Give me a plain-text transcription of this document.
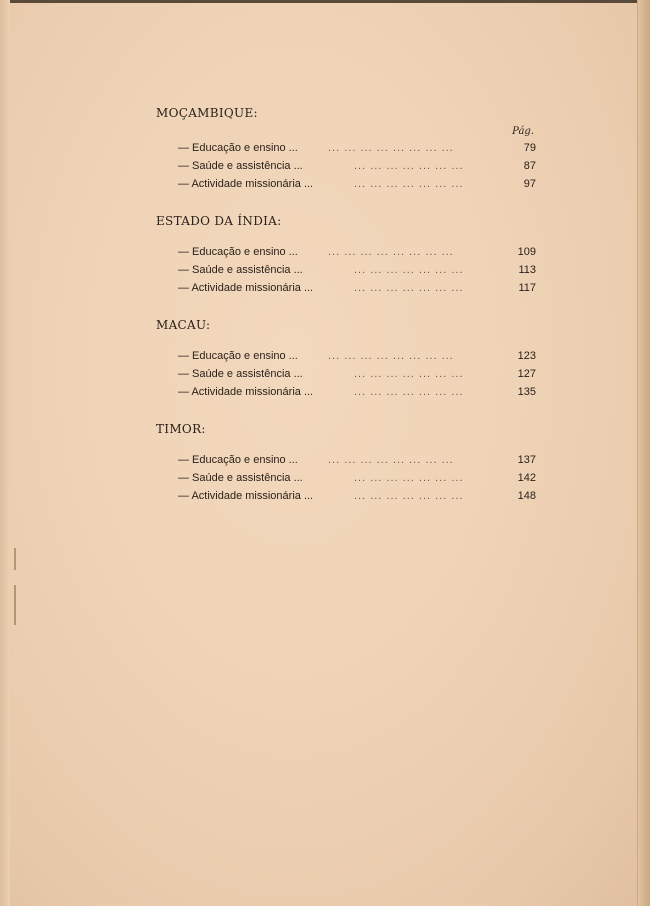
MOÇAMBIQUE:
Pág.
— Educação e ensino ...	... ... ... ... ... ... ... ...	79
— Saúde e assistência ...	... ... ... ... ... ... ...	87
— Actividade missionária ...	... ... ... ... ... ... ...	97
ESTADO DA ÍNDIA:
— Educação e ensino ...	... ... ... ... ... ... ... ...	109
— Saúde e assistência ...	... ... ... ... ... ... ...	113
— Actividade missionária ...	... ... ... ... ... ... ...	117
MACAU:
— Educação e ensino ...	... ... ... ... ... ... ... ...	123
— Saúde e assistência ...	... ... ... ... ... ... ...	127
— Actividade missionária ...	... ... ... ... ... ... ...	135
TIMOR:
— Educação e ensino ...	... ... ... ... ... ... ... ...	137
— Saúde e assistência ...	... ... ... ... ... ... ...	142
— Actividade missionária ...	... ... ... ... ... ... ...	148
